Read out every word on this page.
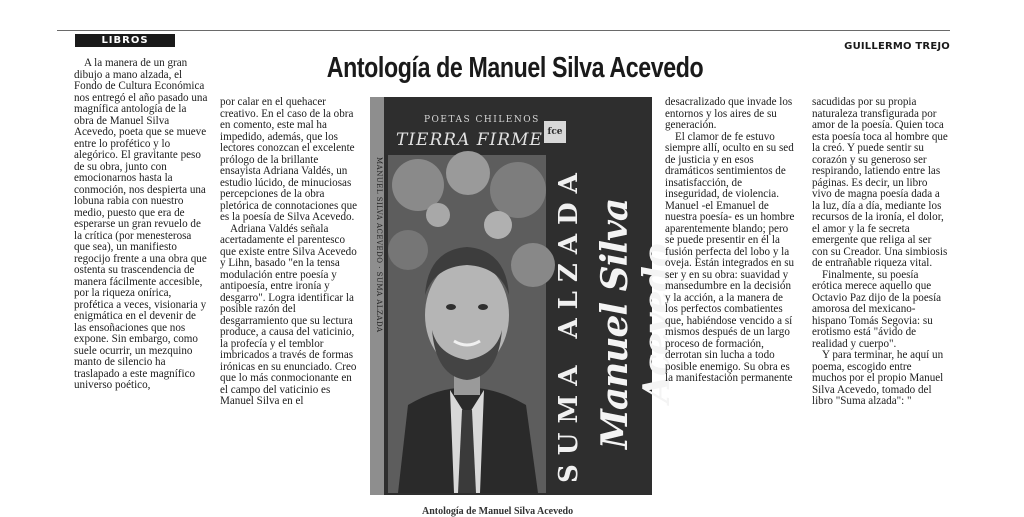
LIBROS
GUILLERMO TREJO
Antología de Manuel Silva Acevedo

A la manera de un gran dibujo a mano alzada, el Fondo de Cultura Económica nos entregó el año pasado una magnífica antología de la obra de Manuel Silva Acevedo, poeta que se mueve entre lo profético y lo alegórico. El gravitante peso de su obra, junto con emocionarnos hasta la conmoción, nos despierta una lobuna rabia con nuestro medio, puesto que era de esperarse un gran revuelo de la crítica (por menesterosa que sea), un manifiesto regocijo frente a una obra que ostenta su trascendencia de manera fácilmente accesible, por la riqueza onírica, profética a veces, visionaria y enigmática en el devenir de las ensoñaciones que nos expone. Sin embargo, como suele ocurrir, un mezquino manto de silencio ha traslapado a este magnífico universo poético,

por calar en el quehacer creativo. En el caso de la obra en comento, este mal ha impedido, además, que los lectores conozcan el excelente prólogo de la brillante ensayista Adriana Valdés, un estudio lúcido, de minuciosas percepciones de la obra pletórica de connotaciones que es la poesía de Silva Acevedo.

Adriana Valdés señala acertadamente el parentesco que existe entre Silva Acevedo y Lihn, basado "en la tensa modulación entre poesía y antipoesía, entre ironía y desgarro". Logra identificar la posible razón del desgarramiento que su lectura produce, a causa del vaticinio, la profecía y el temblor imbricados a través de formas irónicas en su enunciado. Creo que lo más conmocionante en el campo del vaticinio es Manuel Silva en el

MANUEL SILVA ACEVEDO · SUMA ALZADA
POETAS CHILENOS
TIERRA FIRME fce
SUMA ALZADA Manuel Silva Acevedo

desacralizado que invade los entornos y los aires de su generación.

El clamor de fe estuvo siempre allí, oculto en su sed de justicia y en esos dramáticos sentimientos de insatisfacción, de inseguridad, de violencia. Manuel -el Emanuel de nuestra poesía- es un hombre aparentemente blando; pero se puede presentir en él la fusión perfecta del lobo y la oveja. Están integrados en su ser y en su obra: suavidad y mansedumbre en la decisión y la acción, a la manera de los perfectos combatientes que, habiéndose vencido a sí mismos después de un largo proceso de formación, derrotan sin lucha a todo posible enemigo. Su obra es la manifestación permanente

sacudidas por su propia naturaleza transfigurada por amor de la poesía. Quien toca esta poesía toca al hombre que la creó. Y puede sentir su corazón y su generoso ser respirando, latiendo entre las páginas. Es decir, un libro vivo de magna poesía dada a la luz, día a día, mediante los recursos de la ironía, el dolor, el amor y la fe secreta emergente que religa al ser con su Creador. Una simbiosis de entrañable riqueza vital.

Finalmente, su poesía erótica merece aquello que Octavio Paz dijo de la poesía amorosa del mexicano-hispano Tomás Segovia: su erotismo está "ávido de realidad y cuerpo".

Y para terminar, he aquí un poema, escogido entre muchos por el propio Manuel Silva Acevedo, tomado del libro "Suma alzada": "

Antología de Manuel Silva Acevedo
